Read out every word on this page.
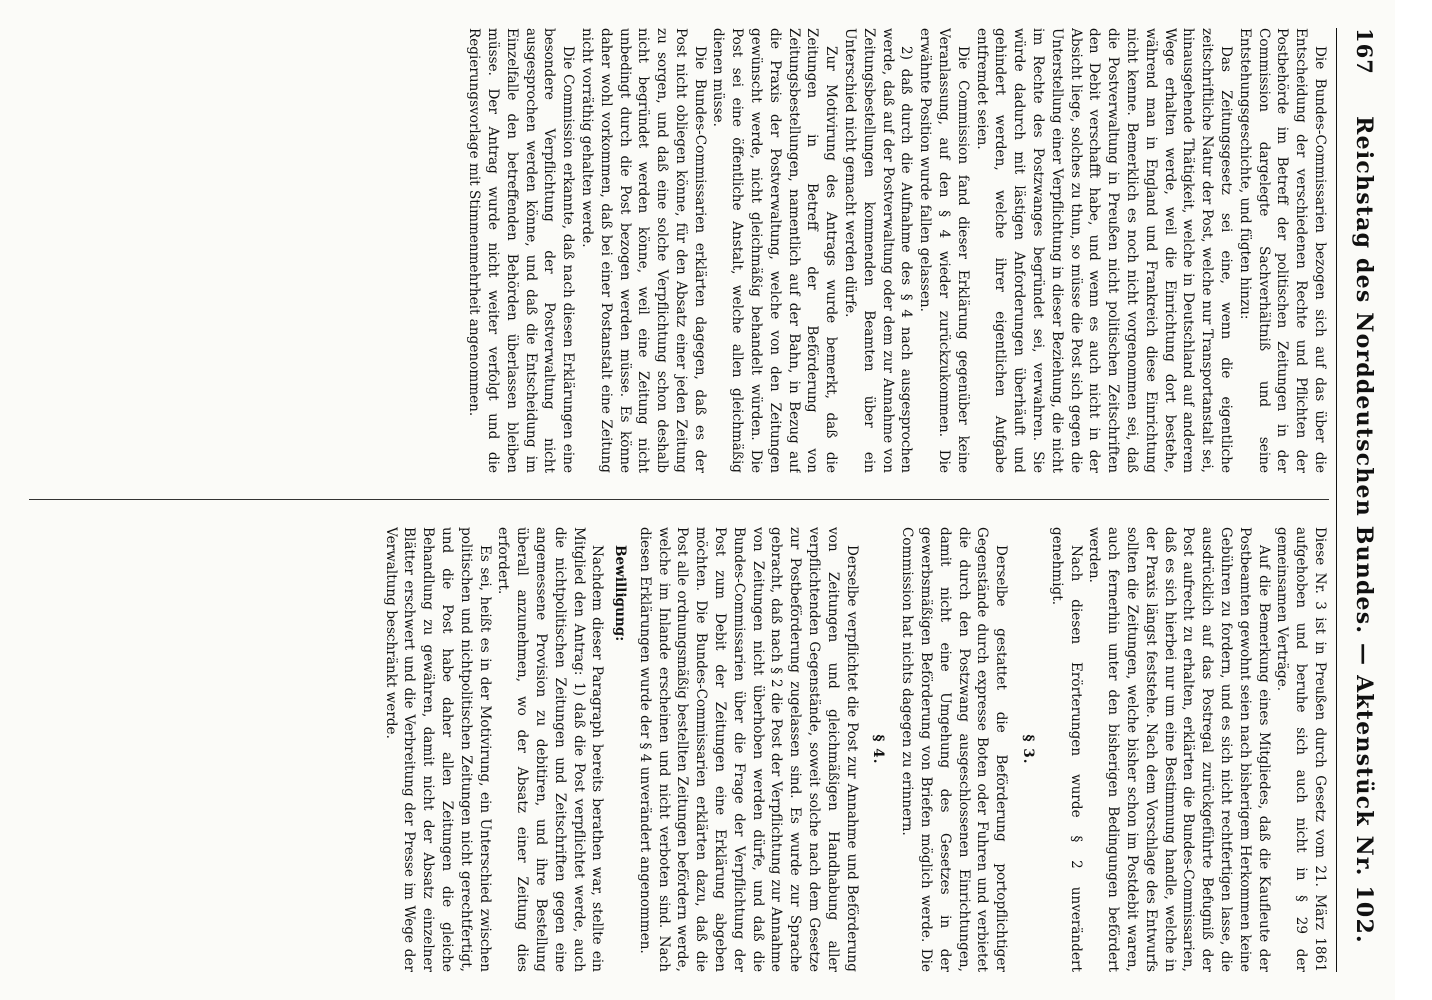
167
Reichstag des Norddeutschen Bundes. — Aktenstück Nr. 102.

Die Bundes-Commissarien bezogen sich auf das über die Entscheidung der verschiedenen Rechte und Pflichten der Postbehörde im Betreff der politischen Zeitungen in der Commission dargelegte Sachverhältniß und seine Entstehungsgeschichte, und fügten hinzu:

Das Zeitungsgesetz sei eine, wenn die eigentliche zeitschriftliche Natur der Post, welche nur Transportanstalt sei, hinausgehende Thätigkeit, welche in Deutschland auf anderem Wege erhalten werde, weil die Einrichtung dort bestehe, während man in England und Frankreich diese Einrichtung nicht kenne. Bemerklich es noch nicht vorgenommen sei, daß die Postverwaltung in Preußen nicht politischen Zeitschriften den Debit verschafft habe, und wenn es auch nicht in der Absicht liege, solches zu thun, so müsse die Post sich gegen die Unterstellung einer Verpflichtung in dieser Beziehung, die nicht im Rechte des Postzwanges begründet sei, verwahren. Sie würde dadurch mit lästigen Anforderungen überhäuft und gehindert werden, welche ihrer eigentlichen Aufgabe entfremdet seien.

Die Commission fand dieser Erklärung gegenüber keine Veranlassung, auf den § 4 wieder zurückzukommen. Die erwähnte Position wurde fallen gelassen.

2) daß durch die Aufnahme des § 4 nach ausgesprochen werde, daß auf der Postverwaltung oder dem zur Annahme von Zeitungsbestellungen kommenden Beamten über ein Unterschied nicht gemacht werden dürfe.

Zur Motivirung des Antrags wurde bemerkt, daß die Zeitungen in Betreff der Beförderung von Zeitungsbestellungen, namentlich auf der Bahn, in Bezug auf die Praxis der Postverwaltung, welche von den Zeitungen gewünscht werde, nicht gleichmäßig behandelt würden. Die Post sei eine öffentliche Anstalt, welche allen gleichmäßig dienen müsse.

Die Bundes-Commissarien erklärten dagegen, daß es der Post nicht obliegen könne, für den Absatz einer jeden Zeitung zu sorgen, und daß eine solche Verpflichtung schon deshalb nicht begründet werden könne, weil eine Zeitung nicht unbedingt durch die Post bezogen werden müsse. Es könne daher wohl vorkommen, daß bei einer Postanstalt eine Zeitung nicht vorräthig gehalten werde.

Die Commission erkannte, daß nach diesen Erklärungen eine besondere Verpflichtung der Postverwaltung nicht ausgesprochen werden könne, und daß die Entscheidung im Einzelfalle den betreffenden Behörden überlassen bleiben müsse. Der Antrag wurde nicht weiter verfolgt und die Regierungsvorlage mit Stimmenmehrheit angenommen.

Diese Nr. 3 ist in Preußen durch Gesetz vom 21. März 1861 aufgehoben und beruhe sich auch nicht in § 29 der gemeinsamen Verträge.

Auf die Bemerkung eines Mitgliedes, daß die Kaufleute der Postbeamten gewohnt seien nach bisherigem Herkommen keine Gebühren zu fordern, und es sich nicht rechtfertigen lasse, die ausdrücklich auf das Postregal zurückgeführte Befugniß der Post aufrecht zu erhalten, erklärten die Bundes-Commissarien, daß es sich hierbei nur um eine Bestimmung handle, welche in der Praxis längst feststehe. Nach dem Vorschlage des Entwurfs sollten die Zeitungen, welche bisher schon im Postdebit waren, auch fernerhin unter den bisherigen Bedingungen befördert werden.

Nach diesen Erörterungen wurde § 2 unverändert genehmigt.

§ 3.

Derselbe gestattet die Beförderung portopflichtiger Gegenstände durch expresse Boten oder Fuhren und verbietet die durch den Postzwang ausgeschlossenen Einrichtungen, damit nicht eine Umgehung des Gesetzes in der gewerbsmäßigen Beförderung von Briefen möglich werde. Die Commission hat nichts dagegen zu erinnern.

§ 4.

Derselbe verpflichtet die Post zur Annahme und Beförderung von Zeitungen und gleichmäßigen Handhabung aller verpflichtenden Gegenstände, soweit solche nach dem Gesetze zur Postbeförderung zugelassen sind. Es wurde zur Sprache gebracht, daß nach § 2 die Post der Verpflichtung zur Annahme von Zeitungen nicht überhoben werden dürfe, und daß die Bundes-Commissarien über die Frage der Verpflichtung der Post zum Debit der Zeitungen eine Erklärung abgeben möchten. Die Bundes-Commissarien erklärten dazu, daß die Post alle ordnungsmäßig bestellten Zeitungen befördern werde, welche im Inlande erscheinen und nicht verboten sind. Nach diesen Erklärungen wurde der § 4 unverändert angenommen.

Bewilligung:

Nachdem dieser Paragraph bereits berathen war, stellte ein Mitglied den Antrag: 1) daß die Post verpflichtet werde, auch die nichtpolitischen Zeitungen und Zeitschriften gegen eine angemessene Provision zu debitiren, und ihre Bestellung überall anzunehmen, wo der Absatz einer Zeitung dies erfordert.

Es sei, heißt es in der Motivirung, ein Unterschied zwischen politischen und nichtpolitischen Zeitungen nicht gerechtfertigt, und die Post habe daher allen Zeitungen die gleiche Behandlung zu gewähren, damit nicht der Absatz einzelner Blätter erschwert und die Verbreitung der Presse im Wege der Verwaltung beschränkt werde.
